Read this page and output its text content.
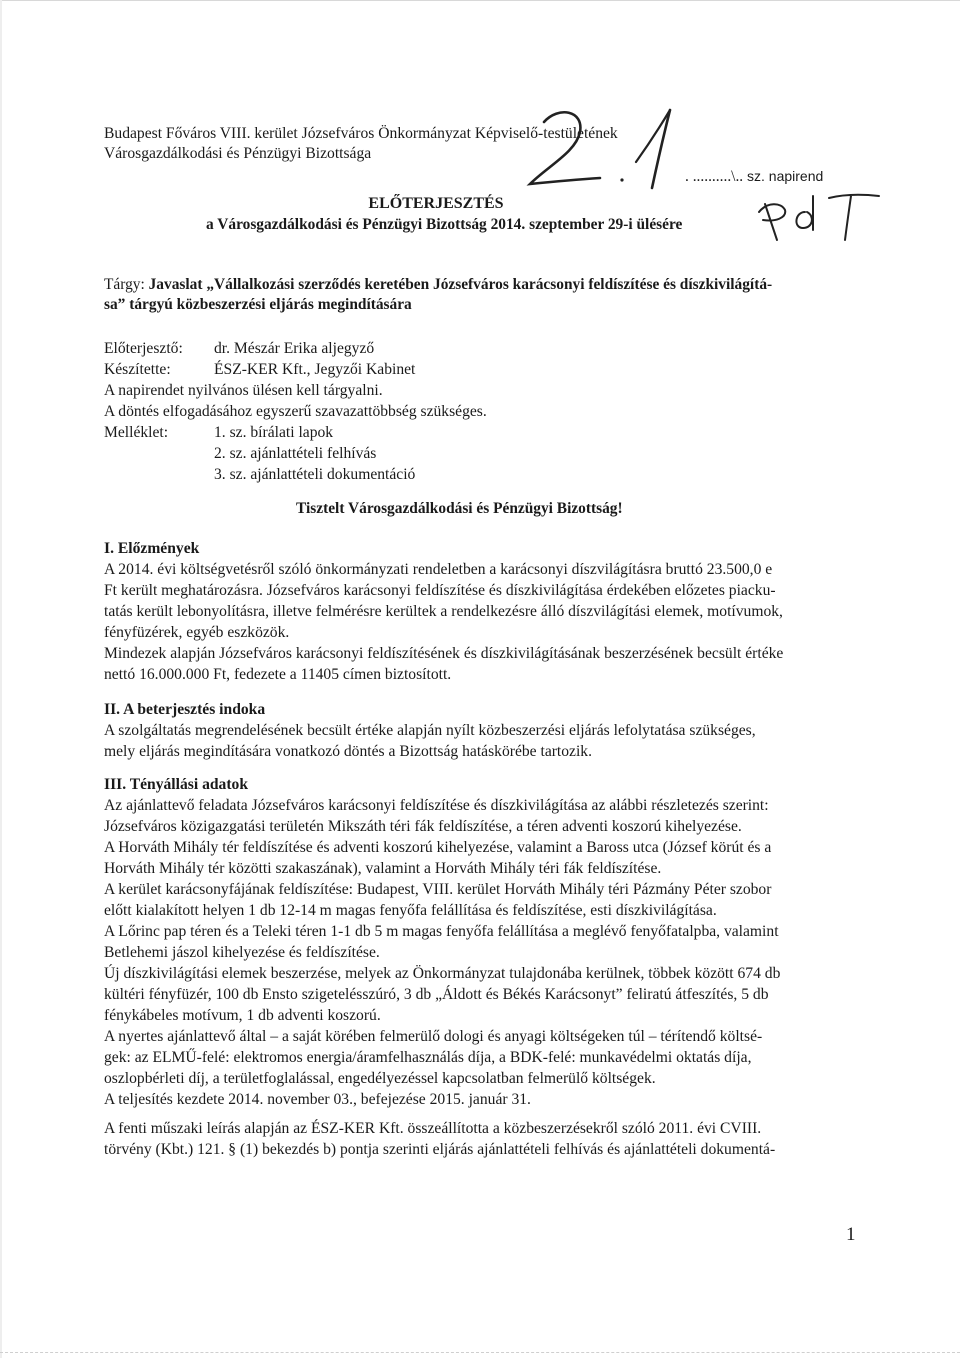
Budapest Főváros VIII. kerület Józsefváros Önkormányzat Képviselő-testületének

Városgazdálkodási és Pénzügyi Bizottsága

. ..........\.. sz. napirend

ELŐTERJESZTÉS

a Városgazdálkodási és Pénzügyi Bizottság 2014. szeptember 29-i ülésére

Tárgy: Javaslat „Vállalkozási szerződés keretében Józsefváros karácsonyi feldíszítése és díszkivilágítá-

sa” tárgyú közbeszerzési eljárás megindítására

Előterjesztő:	dr. Mészár Erika aljegyző
Készítette:	ÉSZ-KER Kft., Jegyzői Kabinet
A napirendet nyilvános ülésen kell tárgyalni.
A döntés elfogadásához egyszerű szavazattöbbség szükséges.
Melléklet:	1. sz. bírálati lapok
2. sz. ajánlattételi felhívás
3. sz. ajánlattételi dokumentáció

Tisztelt Városgazdálkodási és Pénzügyi Bizottság!

I. Előzmények

A 2014. évi költségvetésről szóló önkormányzati rendeletben a karácsonyi díszvilágításra bruttó 23.500,0 e

Ft került meghatározásra. Józsefváros karácsonyi feldíszítése és díszkivilágítása érdekében előzetes piacku-

tatás került lebonyolításra, illetve felmérésre kerültek a rendelkezésre álló díszvilágítási elemek, motívumok,

fényfüzérek, egyéb eszközök.

Mindezek alapján Józsefváros karácsonyi feldíszítésének és díszkivilágításának beszerzésének becsült értéke

nettó 16.000.000 Ft, fedezete a 11405 címen biztosított.

II. A beterjesztés indoka

A szolgáltatás megrendelésének becsült értéke alapján nyílt közbeszerzési eljárás lefolytatása szükséges,

mely eljárás megindítására vonatkozó döntés a Bizottság hatáskörébe tartozik.

III. Tényállási adatok

Az ajánlattevő feladata Józsefváros karácsonyi feldíszítése és díszkivilágítása az alábbi részletezés szerint:

Józsefváros közigazgatási területén Mikszáth téri fák feldíszítése, a téren adventi koszorú kihelyezése.

A Horváth Mihály tér feldíszítése és adventi koszorú kihelyezése, valamint a Baross utca (József körút és a

Horváth Mihály tér közötti szakaszának), valamint a Horváth Mihály téri fák feldíszítése.

A kerület karácsonyfájának feldíszítése: Budapest, VIII. kerület Horváth Mihály téri Pázmány Péter szobor

előtt kialakított helyen 1 db 12-14 m magas fenyőfa felállítása és feldíszítése, esti díszkivilágítása.

A Lőrinc pap téren és a Teleki téren 1-1 db 5 m magas fenyőfa felállítása a meglévő fenyőfatalpba, valamint

Betlehemi jászol kihelyezése és feldíszítése.

Új díszkivilágítási elemek beszerzése, melyek az Önkormányzat tulajdonába kerülnek, többek között 674 db

kültéri fényfüzér, 100 db Ensto szigetelésszúró, 3 db „Áldott és Békés Karácsonyt” feliratú átfeszítés, 5 db

fénykábeles motívum, 1 db adventi koszorú.

A nyertes ajánlattevő által – a saját körében felmerülő dologi és anyagi költségeken túl – térítendő költsé-

gek: az ELMŰ-felé: elektromos energia/áramfelhasználás díja, a BDK-felé: munkavédelmi oktatás díja,

oszlopbérleti díj, a területfoglalással, engedélyezéssel kapcsolatban felmerülő költségek.

A teljesítés kezdete 2014. november 03., befejezése 2015. január 31.

A fenti műszaki leírás alapján az ÉSZ-KER Kft. összeállította a közbeszerzésekről szóló 2011. évi CVIII.

törvény (Kbt.) 121. § (1) bekezdés b) pontja szerinti eljárás ajánlattételi felhívás és ajánlattételi dokumentá-

1
